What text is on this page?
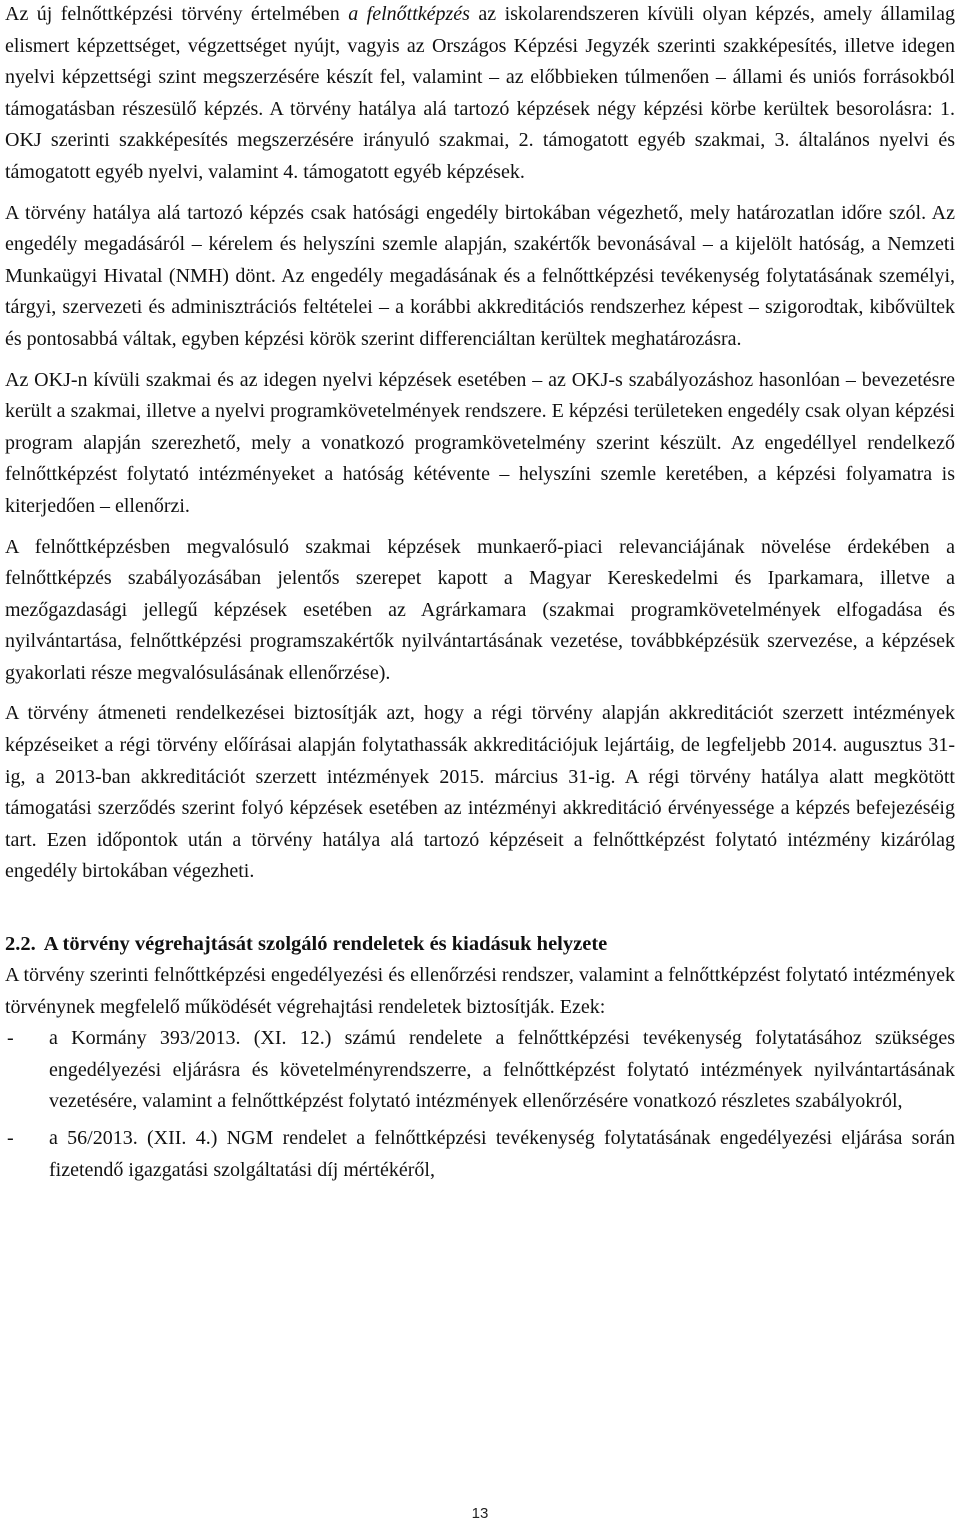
Az új felnőttképzési törvény értelmében a felnőttképzés az iskolarendszeren kívüli olyan képzés, amely államilag elismert képzettséget, végzettséget nyújt, vagyis az Országos Képzési Jegyzék szerinti szakképesítés, illetve idegen nyelvi képzettségi szint megszerzésére készít fel, valamint – az előbbieken túlmenően – állami és uniós forrásokból támogatásban részesülő képzés. A törvény hatálya alá tartozó képzések négy képzési körbe kerültek besorolásra: 1. OKJ szerinti szakképesítés megszerzésére irányuló szakmai, 2. támogatott egyéb szakmai, 3. általános nyelvi és támogatott egyéb nyelvi, valamint 4. támogatott egyéb képzések.

A törvény hatálya alá tartozó képzés csak hatósági engedély birtokában végezhető, mely határozatlan időre szól. Az engedély megadásáról – kérelem és helyszíni szemle alapján, szakértők bevonásával – a kijelölt hatóság, a Nemzeti Munkaügyi Hivatal (NMH) dönt. Az engedély megadásának és a felnőttképzési tevékenység folytatásának személyi, tárgyi, szervezeti és adminisztrációs feltételei – a korábbi akkreditációs rendszerhez képest – szigorodtak, kibővültek és pontosabbá váltak, egyben képzési körök szerint differenciáltan kerültek meghatározásra.

Az OKJ-n kívüli szakmai és az idegen nyelvi képzések esetében – az OKJ-s szabályozáshoz hasonlóan – bevezetésre került a szakmai, illetve a nyelvi programkövetelmények rendszere. E képzési területeken engedély csak olyan képzési program alapján szerezhető, mely a vonatkozó programkövetelmény szerint készült. Az engedéllyel rendelkező felnőttképzést folytató intézményeket a hatóság kétévente – helyszíni szemle keretében, a képzési folyamatra is kiterjedően – ellenőrzi.

A felnőttképzésben megvalósuló szakmai képzések munkaerő-piaci relevanciájának növelése érdekében a felnőttképzés szabályozásában jelentős szerepet kapott a Magyar Kereskedelmi és Iparkamara, illetve a mezőgazdasági jellegű képzések esetében az Agrárkamara (szakmai programkövetelmények elfogadása és nyilvántartása, felnőttképzési programszakértők nyilvántartásának vezetése, továbbképzésük szervezése, a képzések gyakorlati része megvalósulásának ellenőrzése).

A törvény átmeneti rendelkezései biztosítják azt, hogy a régi törvény alapján akkreditációt szerzett intézmények képzéseiket a régi törvény előírásai alapján folytathassák akkreditációjuk lejártáig, de legfeljebb 2014. augusztus 31-ig, a 2013-ban akkreditációt szerzett intézmények 2015. március 31-ig. A régi törvény hatálya alatt megkötött támogatási szerződés szerint folyó képzések esetében az intézményi akkreditáció érvényessége a képzés befejezéséig tart. Ezen időpontok után a törvény hatálya alá tartozó képzéseit a felnőttképzést folytató intézmény kizárólag engedély birtokában végezheti.

2.2. A törvény végrehajtását szolgáló rendeletek és kiadásuk helyzete

A törvény szerinti felnőttképzési engedélyezési és ellenőrzési rendszer, valamint a felnőttképzést folytató intézmények törvénynek megfelelő működését végrehajtási rendeletek biztosítják. Ezek:

- a Kormány 393/2013. (XI. 12.) számú rendelete a felnőttképzési tevékenység folytatásához szükséges engedélyezési eljárásra és követelményrendszerre, a felnőttképzést folytató intézmények nyilvántartásának vezetésére, valamint a felnőttképzést folytató intézmények ellenőrzésére vonatkozó részletes szabályokról,
- a 56/2013. (XII. 4.) NGM rendelet a felnőttképzési tevékenység folytatásának engedélyezési eljárása során fizetendő igazgatási szolgáltatási díj mértékéről,
13
